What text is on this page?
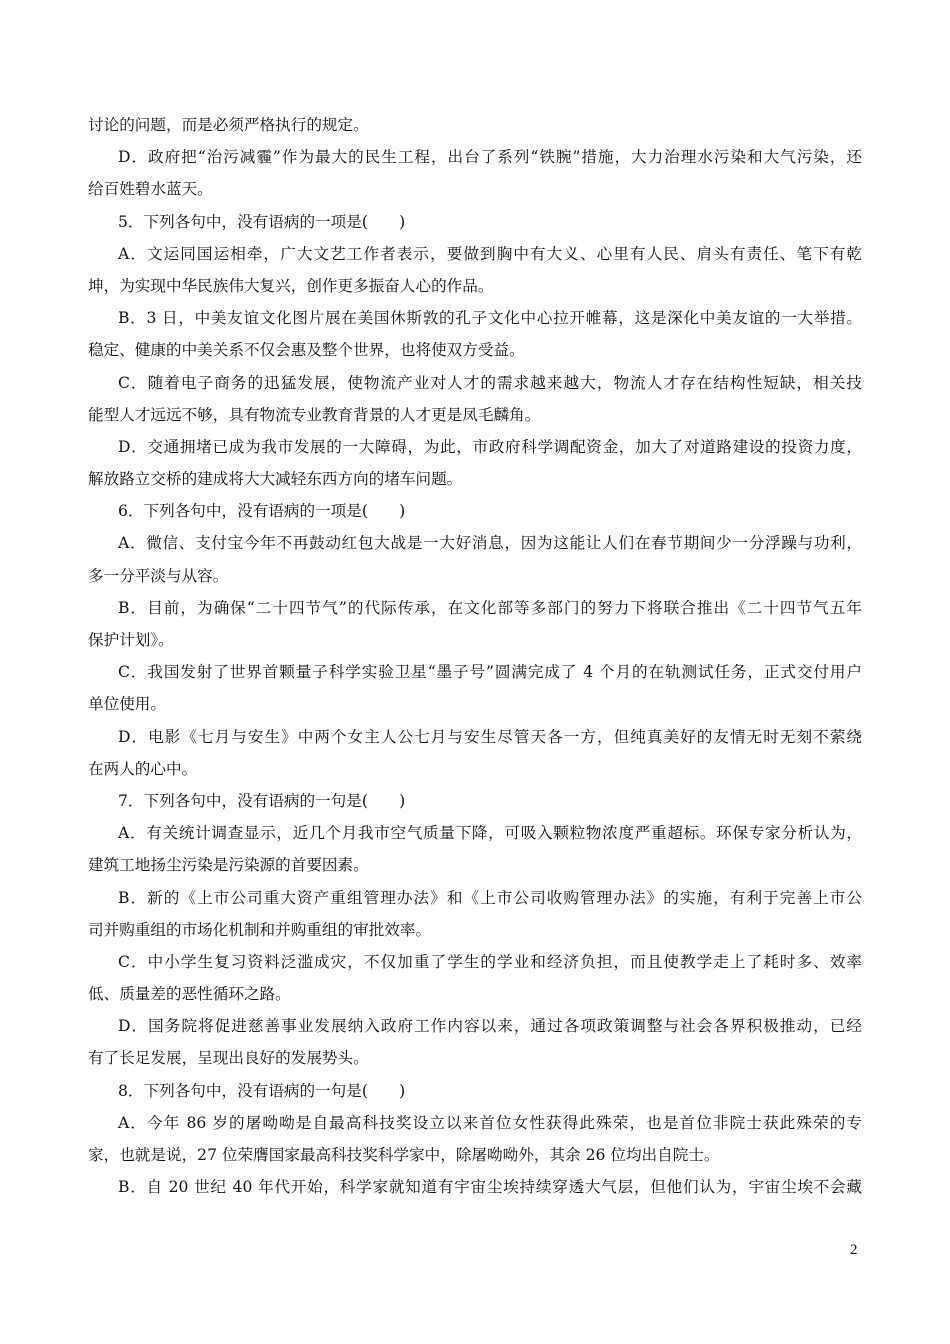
讨论的问题，而是必须严格执行的规定。
D．政府把“治污减霾”作为最大的民生工程，出台了系列“铁腕”措施，大力治理水污染和大气污染，还
给百姓碧水蓝天。
5．下列各句中，没有语病的一项是(　　)
A．文运同国运相牵，广大文艺工作者表示，要做到胸中有大义、心里有人民、肩头有责任、笔下有乾
坤，为实现中华民族伟大复兴，创作更多振奋人心的作品。
B．3 日，中美友谊文化图片展在美国休斯敦的孔子文化中心拉开帷幕，这是深化中美友谊的一大举措。
稳定、健康的中美关系不仅会惠及整个世界，也将使双方受益。
C．随着电子商务的迅猛发展，使物流产业对人才的需求越来越大，物流人才存在结构性短缺，相关技
能型人才远远不够，具有物流专业教育背景的人才更是凤毛麟角。
D．交通拥堵已成为我市发展的一大障碍，为此，市政府科学调配资金，加大了对道路建设的投资力度，
解放路立交桥的建成将大大减轻东西方向的堵车问题。
6．下列各句中，没有语病的一项是(　　)
A．微信、支付宝今年不再鼓动红包大战是一大好消息，因为这能让人们在春节期间少一分浮躁与功利，
多一分平淡与从容。
B．目前，为确保“二十四节气”的代际传承，在文化部等多部门的努力下将联合推出《二十四节气五年
保护计划》。
C．我国发射了世界首颗量子科学实验卫星“墨子号”圆满完成了 4 个月的在轨测试任务，正式交付用户
单位使用。
D．电影《七月与安生》中两个女主人公七月与安生尽管天各一方，但纯真美好的友情无时无刻不萦绕
在两人的心中。
7．下列各句中，没有语病的一句是(　　)
A．有关统计调查显示，近几个月我市空气质量下降，可吸入颗粒物浓度严重超标。环保专家分析认为，
建筑工地扬尘污染是污染源的首要因素。
B．新的《上市公司重大资产重组管理办法》和《上市公司收购管理办法》的实施，有利于完善上市公
司并购重组的市场化机制和并购重组的审批效率。
C．中小学生复习资料泛滥成灾，不仅加重了学生的学业和经济负担，而且使教学走上了耗时多、效率
低、质量差的恶性循环之路。
D．国务院将促进慈善事业发展纳入政府工作内容以来，通过各项政策调整与社会各界积极推动，已经
有了长足发展，呈现出良好的发展势头。
8．下列各句中，没有语病的一句是(　　)
A．今年 86 岁的屠呦呦是自最高科技奖设立以来首位女性获得此殊荣，也是首位非院士获此殊荣的专
家，也就是说，27 位荣膺国家最高科技奖科学家中，除屠呦呦外，其余 26 位均出自院士。
B．自 20 世纪 40 年代开始，科学家就知道有宇宙尘埃持续穿透大气层，但他们认为，宇宙尘埃不会藏
2
